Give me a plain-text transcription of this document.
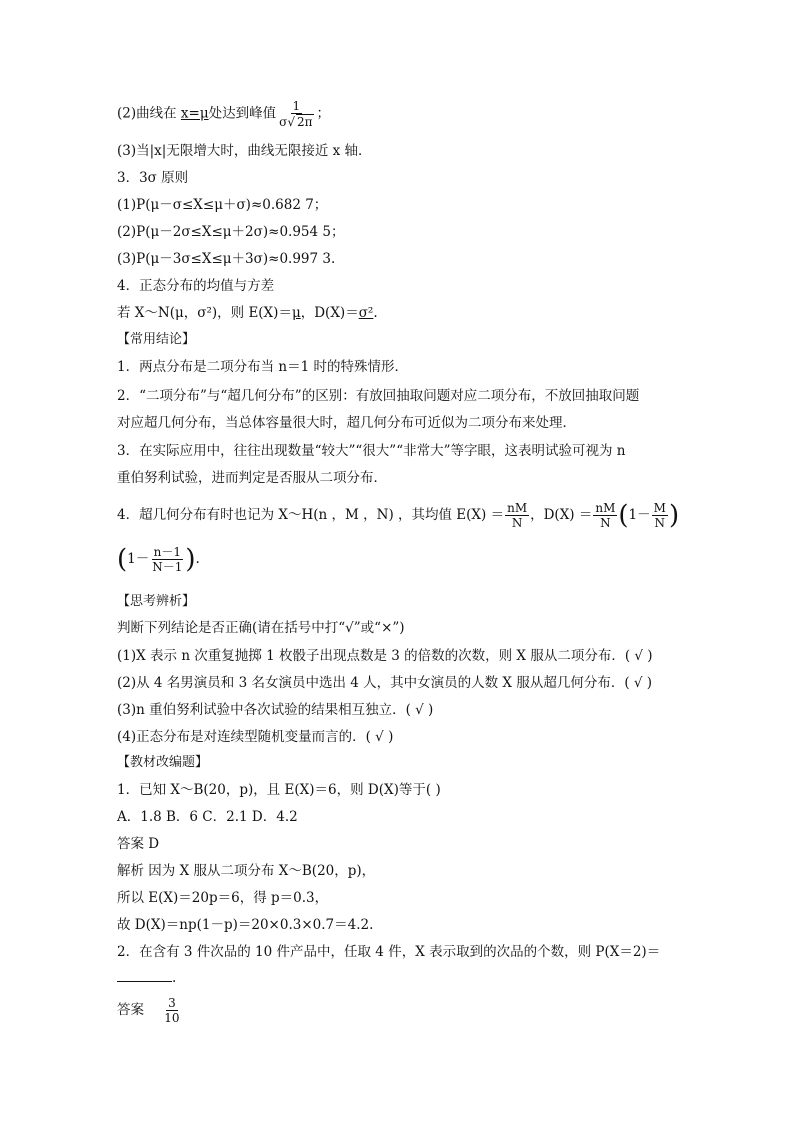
(2)曲线在 x=μ处达到峰值 $\frac{1}{\sigma√ 2\pi}$ ；
(3)当|x|无限增大时，曲线无限接近 x 轴．
3．3σ 原则
(1)P(μ－σ≤X≤μ＋σ)≈0.682 7；
(2)P(μ－2σ≤X≤μ＋2σ)≈0.954 5；
(3)P(μ－3σ≤X≤μ＋3σ)≈0.997 3.
4．正态分布的均值与方差
若 X～N(μ，σ²)，则 E(X)＝μ，D(X)＝σ².
【常用结论】
1．两点分布是二项分布当 n＝1 时的特殊情形．
2．“二项分布”与“超几何分布”的区别：有放回抽取问题对应二项分布，不放回抽取问题
对应超几何分布，当总体容量很大时，超几何分布可近似为二项分布来处理．
3．在实际应用中，往往出现数量“较大”“很大”“非常大”等字眼，这表明试验可视为 n
重伯努利试验，进而判定是否服从二项分布．
4．超几何分布有时也记为 X～H(n ，M ，N) ，其均值 $E(X) = \frac{nM}{N}$ ，$D(X) = \frac{nM}{N} (1- \frac{M}{N}$ )
($1- \frac{n-1}{N-1}$ ).
【思考辨析】
判断下列结论是否正确(请在括号中打“√”或“×”)
(1)X 表示 n 次重复抛掷 1 枚骰子出现点数是 3 的倍数的次数，则 X 服从二项分布．( √ )
(2)从 4 名男演员和 3 名女演员中选出 4 人，其中女演员的人数 X 服从超几何分布．( √ )
(3)n 重伯努利试验中各次试验的结果相互独立．( √ )
(4)正态分布是对连续型随机变量而言的．( √ )
【教材改编题】
1．已知 X～B(20，p)，且 E(X)＝6，则 D(X)等于( )
A．1.8 B．6 C．2.1 D．4.2
答案 D
解析 因为 X 服从二项分布 X～B(20，p)，
所以 E(X)＝20p＝6，得 p＝0.3，
故 D(X)＝np(1－p)＝20×0.3×0.7＝4.2.
2．在含有 3 件次品的 10 件产品中，任取 4 件，X 表示取到的次品的个数，则 P(X＝2)＝
.
答案 $\frac{3}{10}$
